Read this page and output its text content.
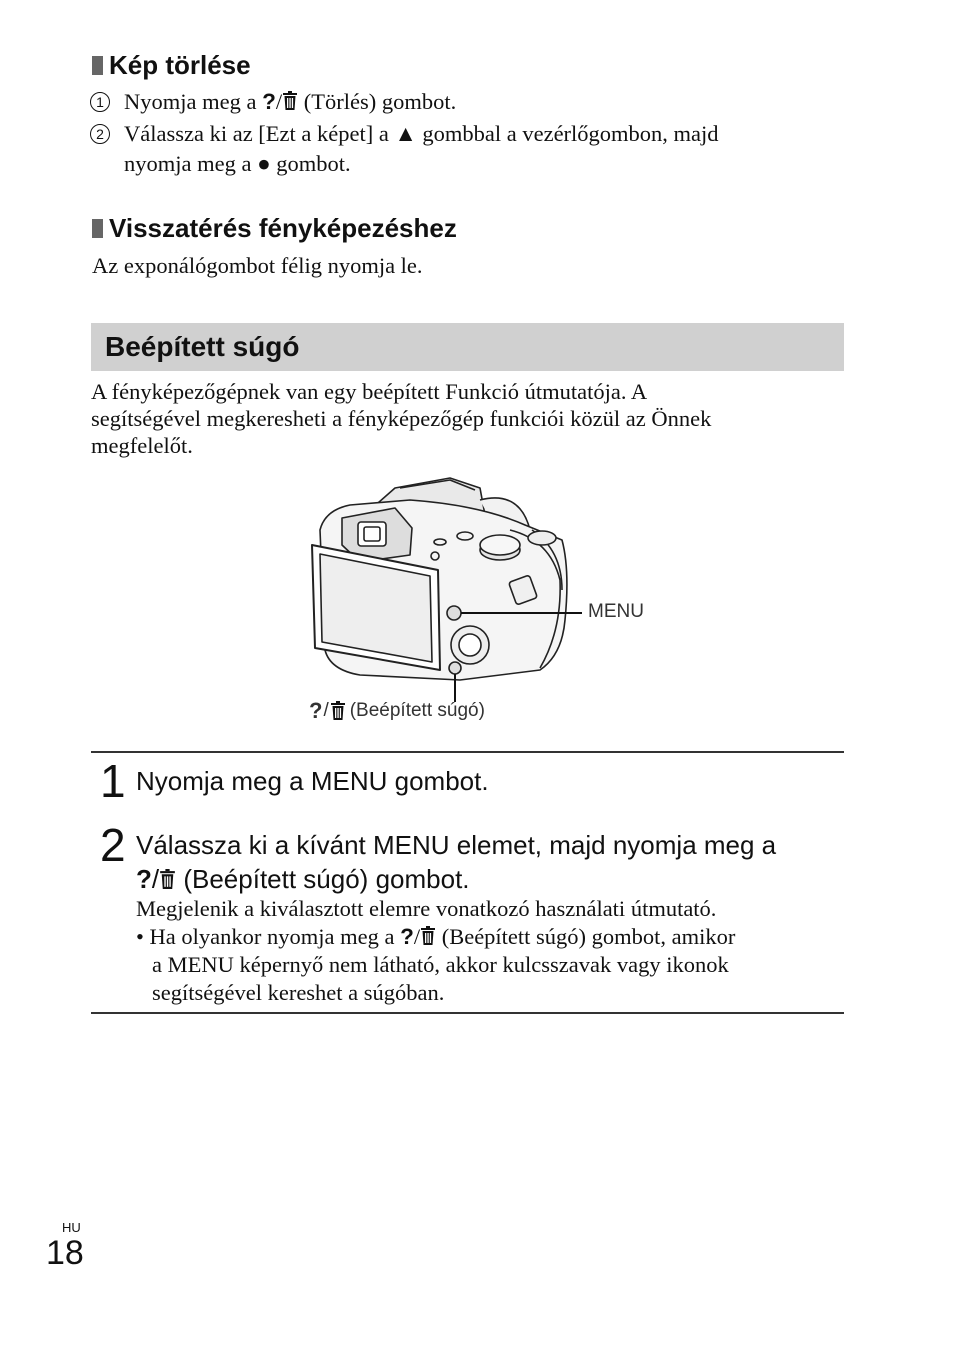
Kép törlése
1 Nyomja meg a ?/ (Törlés) gombot.
2 Válassza ki az [Ezt a képet] a ▲ gombbal a vezérlőgombon, majd
nyomja meg a ● gombot.
Visszatérés fényképezéshez
Az exponálógombot félig nyomja le.
Beépített súgó
A fényképezőgépnek van egy beépített Funkció útmutatója. A
segítségével megkeresheti a fényképezőgép funkciói közül az Önnek
megfelelőt.
MENU
? / (Beépített súgó)
1 Nyomja meg a MENU gombot.
2 Válassza ki a kívánt MENU elemet, majd nyomja meg a
?/ (Beépített súgó) gombot.
Megjelenik a kiválasztott elemre vonatkozó használati útmutató.
• Ha olyankor nyomja meg a ?/ (Beépített súgó) gombot, amikor
a MENU képernyő nem látható, akkor kulcsszavak vagy ikonok
segítségével kereshet a súgóban.
HU
18
